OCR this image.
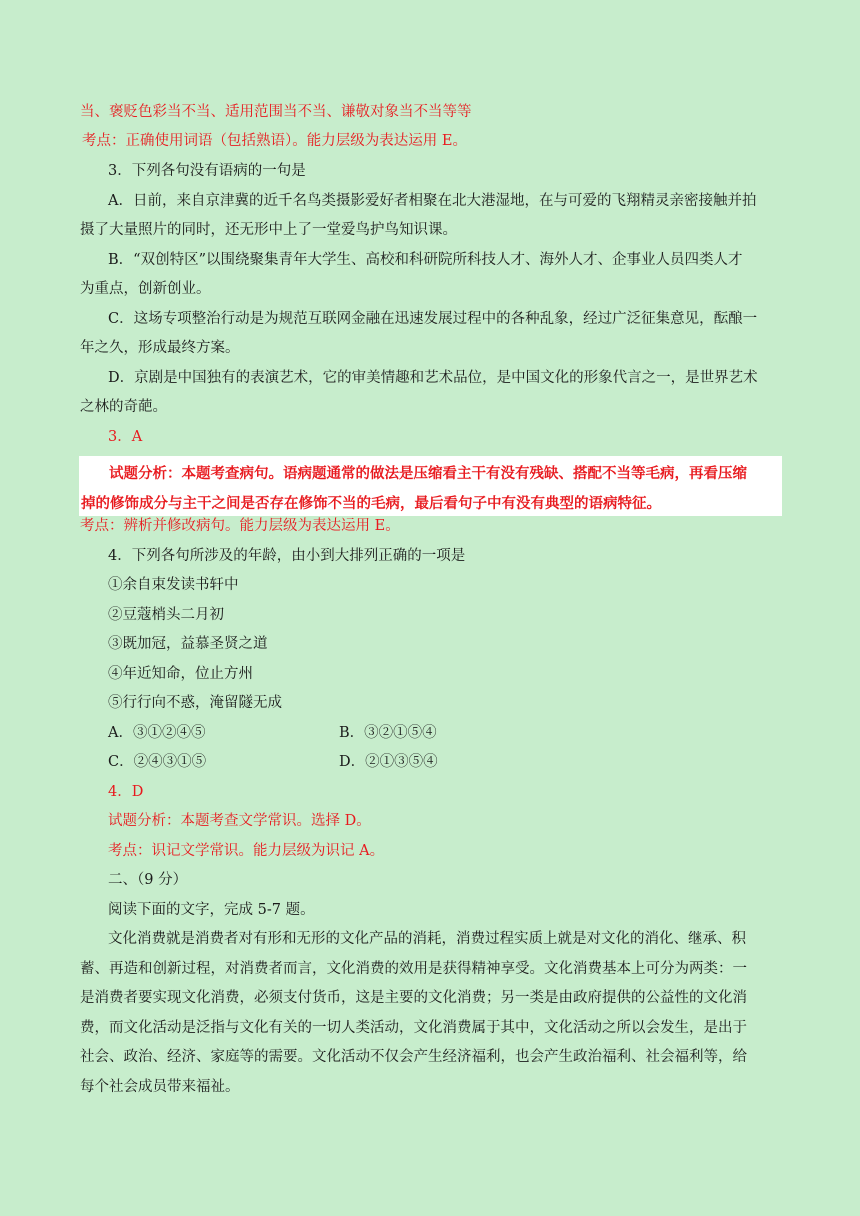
当、褒贬色彩当不当、适用范围当不当、谦敬对象当不当等等
考点：正确使用词语（包括熟语）。能力层级为表达运用 E。
3．下列各句没有语病的一句是
A．日前，来自京津冀的近千名鸟类摄影爱好者相聚在北大港湿地，在与可爱的飞翔精灵亲密接触并拍
摄了大量照片的同时，还无形中上了一堂爱鸟护鸟知识课。
B．“双创特区”以围绕聚集青年大学生、高校和科研院所科技人才、海外人才、企事业人员四类人才
为重点，创新创业。
C．这场专项整治行动是为规范互联网金融在迅速发展过程中的各种乱象，经过广泛征集意见，酝酿一
年之久，形成最终方案。
D．京剧是中国独有的表演艺术，它的审美情趣和艺术品位，是中国文化的形象代言之一，是世界艺术
之林的奇葩。
3．A
试题分析：本题考查病句。语病题通常的做法是压缩看主干有没有残缺、搭配不当等毛病，再看压缩
掉的修饰成分与主干之间是否存在修饰不当的毛病，最后看句子中有没有典型的语病特征。
考点：辨析并修改病句。能力层级为表达运用 E。
4．下列各句所涉及的年龄，由小到大排列正确的一项是
①余自束发读书轩中
②豆蔻梢头二月初
③既加冠，益慕圣贤之道
④年近知命，位止方州
⑤行行向不惑，淹留隧无成
A．③①②④⑤	B．③②①⑤④
C．②④③①⑤	D．②①③⑤④
4．D
试题分析：本题考查文学常识。选择 D。
考点：识记文学常识。能力层级为识记 A。
二、（9 分）
阅读下面的文字，完成 5-7 题。
文化消费就是消费者对有形和无形的文化产品的消耗，消费过程实质上就是对文化的消化、继承、积
蓄、再造和创新过程，对消费者而言，文化消费的效用是获得精神享受。文化消费基本上可分为两类：一
是消费者要实现文化消费，必须支付货币，这是主要的文化消费；另一类是由政府提供的公益性的文化消
费，而文化活动是泛指与文化有关的一切人类活动，文化消费属于其中，文化活动之所以会发生，是出于
社会、政治、经济、家庭等的需要。文化活动不仅会产生经济福利，也会产生政治福利、社会福利等，给
每个社会成员带来福祉。
